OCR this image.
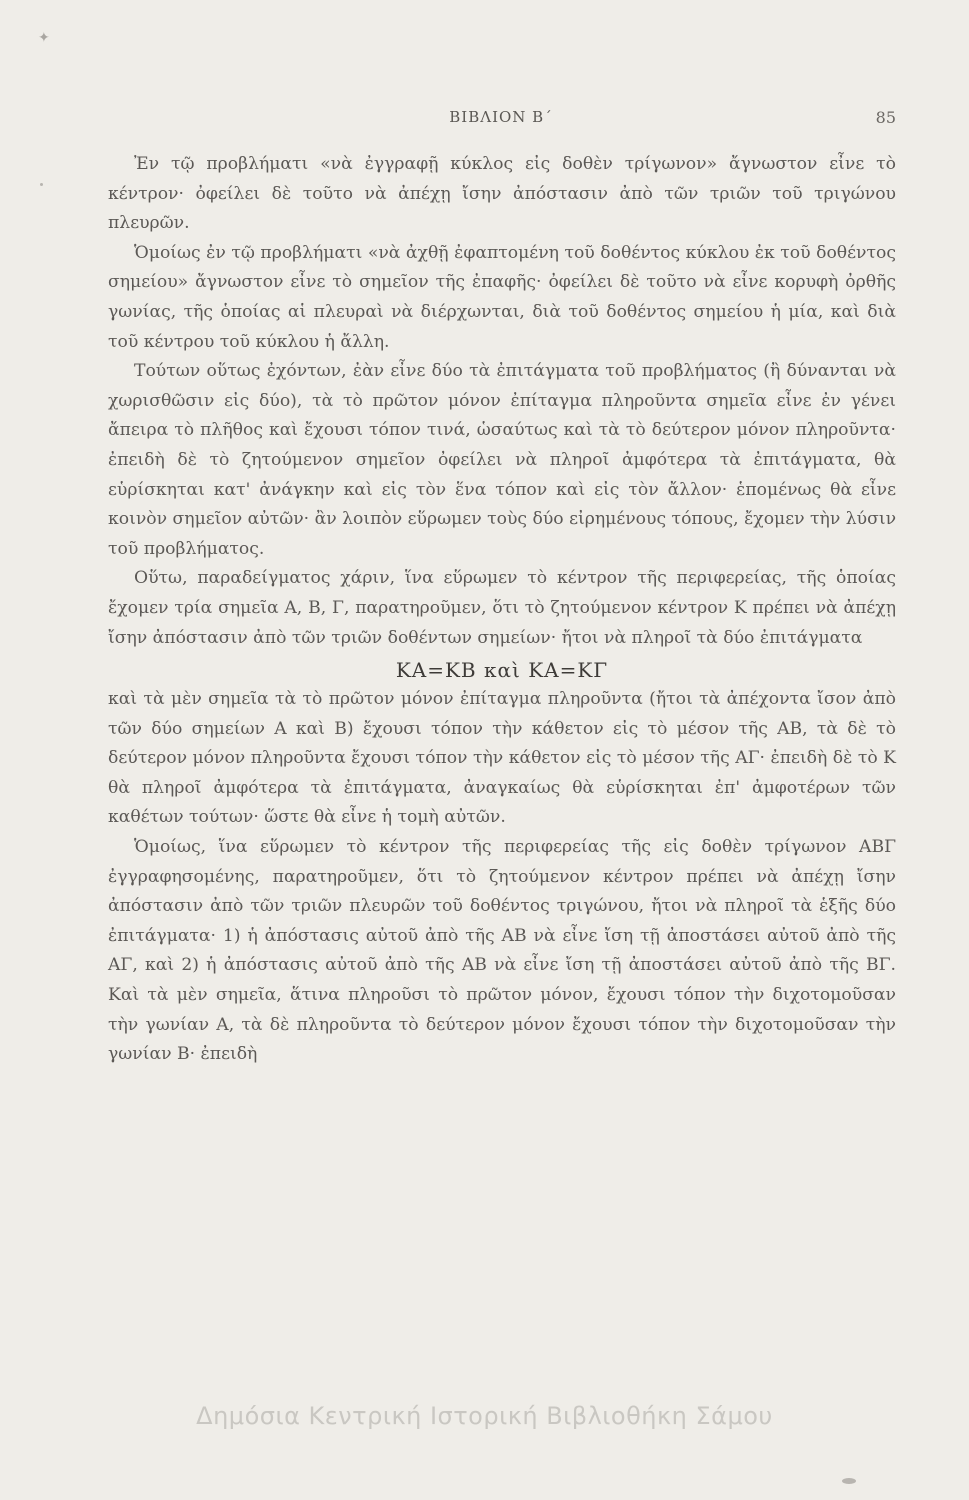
✦
ΒΙΒΛΙΟΝ Β΄	85

Ἐν τῷ προβλήματι «νὰ ἐγγραφῇ κύκλος εἰς δοθὲν τρίγωνον» ἄγνωστον εἶνε τὸ κέντρον· ὀφείλει δὲ τοῦτο νὰ ἀπέχῃ ἴσην ἀπόστασιν ἀπὸ τῶν τριῶν τοῦ τριγώνου πλευρῶν.

Ὁμοίως ἐν τῷ προβλήματι «νὰ ἀχθῇ ἐφαπτομένη τοῦ δοθέντος κύκλου ἐκ τοῦ δοθέντος σημείου» ἄγνωστον εἶνε τὸ σημεῖον τῆς ἐπαφῆς· ὀφείλει δὲ τοῦτο νὰ εἶνε κορυφὴ ὀρθῆς γωνίας, τῆς ὁποίας αἱ πλευραὶ νὰ διέρχωνται, διὰ τοῦ δοθέντος σημείου ἡ μία, καὶ διὰ τοῦ κέντρου τοῦ κύκλου ἡ ἄλλη.

Τούτων οὕτως ἐχόντων, ἐὰν εἶνε δύο τὰ ἐπιτάγματα τοῦ προβλήματος (ἢ δύνανται νὰ χωρισθῶσιν εἰς δύο), τὰ τὸ πρῶτον μόνον ἐπίταγμα πληροῦντα σημεῖα εἶνε ἐν γένει ἄπειρα τὸ πλῆθος καὶ ἔχουσι τόπον τινά, ὡσαύτως καὶ τὰ τὸ δεύτερον μόνον πληροῦντα· ἐπειδὴ δὲ τὸ ζητούμενον σημεῖον ὀφείλει νὰ πληροῖ ἀμφότερα τὰ ἐπιτάγματα, θὰ εὑρίσκηται κατ' ἀνάγκην καὶ εἰς τὸν ἕνα τόπον καὶ εἰς τὸν ἄλλον· ἑπομένως θὰ εἶνε κοινὸν σημεῖον αὐτῶν· ἂν λοιπὸν εὕρωμεν τοὺς δύο εἰρημένους τόπους, ἔχομεν τὴν λύσιν τοῦ προβλήματος.

Οὕτω, παραδείγματος χάριν, ἵνα εὕρωμεν τὸ κέντρον τῆς περιφερείας, τῆς ὁποίας ἔχομεν τρία σημεῖα Α, Β, Γ, παρατηροῦμεν, ὅτι τὸ ζητούμενον κέντρον Κ πρέπει νὰ ἀπέχῃ ἴσην ἀπόστασιν ἀπὸ τῶν τριῶν δοθέντων σημείων· ἤτοι νὰ πληροῖ τὰ δύο ἐπιτάγματα

ΚΑ=ΚΒ καὶ ΚΑ=ΚΓ

καὶ τὰ μὲν σημεῖα τὰ τὸ πρῶτον μόνον ἐπίταγμα πληροῦντα (ἤτοι τὰ ἀπέχοντα ἴσον ἀπὸ τῶν δύο σημείων Α καὶ Β) ἔχουσι τόπον τὴν κάθετον εἰς τὸ μέσον τῆς ΑΒ, τὰ δὲ τὸ δεύτερον μόνον πληροῦντα ἔχουσι τόπον τὴν κάθετον εἰς τὸ μέσον τῆς ΑΓ· ἐπειδὴ δὲ τὸ Κ θὰ πληροῖ ἀμφότερα τὰ ἐπιτάγματα, ἀναγκαίως θὰ εὑρίσκηται ἐπ' ἀμφοτέρων τῶν καθέτων τούτων· ὥστε θὰ εἶνε ἡ τομὴ αὐτῶν.

Ὁμοίως, ἵνα εὕρωμεν τὸ κέντρον τῆς περιφερείας τῆς εἰς δοθὲν τρίγωνον ΑΒΓ ἐγγραφησομένης, παρατηροῦμεν, ὅτι τὸ ζητούμενον κέντρον πρέπει νὰ ἀπέχῃ ἴσην ἀπόστασιν ἀπὸ τῶν τριῶν πλευρῶν τοῦ δοθέντος τριγώνου, ἤτοι νὰ πληροῖ τὰ ἑξῆς δύο ἐπιτάγματα· 1) ἡ ἀπόστασις αὐτοῦ ἀπὸ τῆς ΑΒ νὰ εἶνε ἴση τῇ ἀποστάσει αὐτοῦ ἀπὸ τῆς ΑΓ, καὶ 2) ἡ ἀπόστασις αὐτοῦ ἀπὸ τῆς ΑΒ νὰ εἶνε ἴση τῇ ἀποστάσει αὐτοῦ ἀπὸ τῆς ΒΓ. Καὶ τὰ μὲν σημεῖα, ἅτινα πληροῦσι τὸ πρῶτον μόνον, ἔχουσι τόπον τὴν διχοτομοῦσαν τὴν γωνίαν Α, τὰ δὲ πληροῦντα τὸ δεύτερον μόνον ἔχουσι τόπον τὴν διχοτομοῦσαν τὴν γωνίαν Β· ἐπειδὴ

Δημόσια Κεντρική Ιστορική Βιβλιοθήκη Σάμου
